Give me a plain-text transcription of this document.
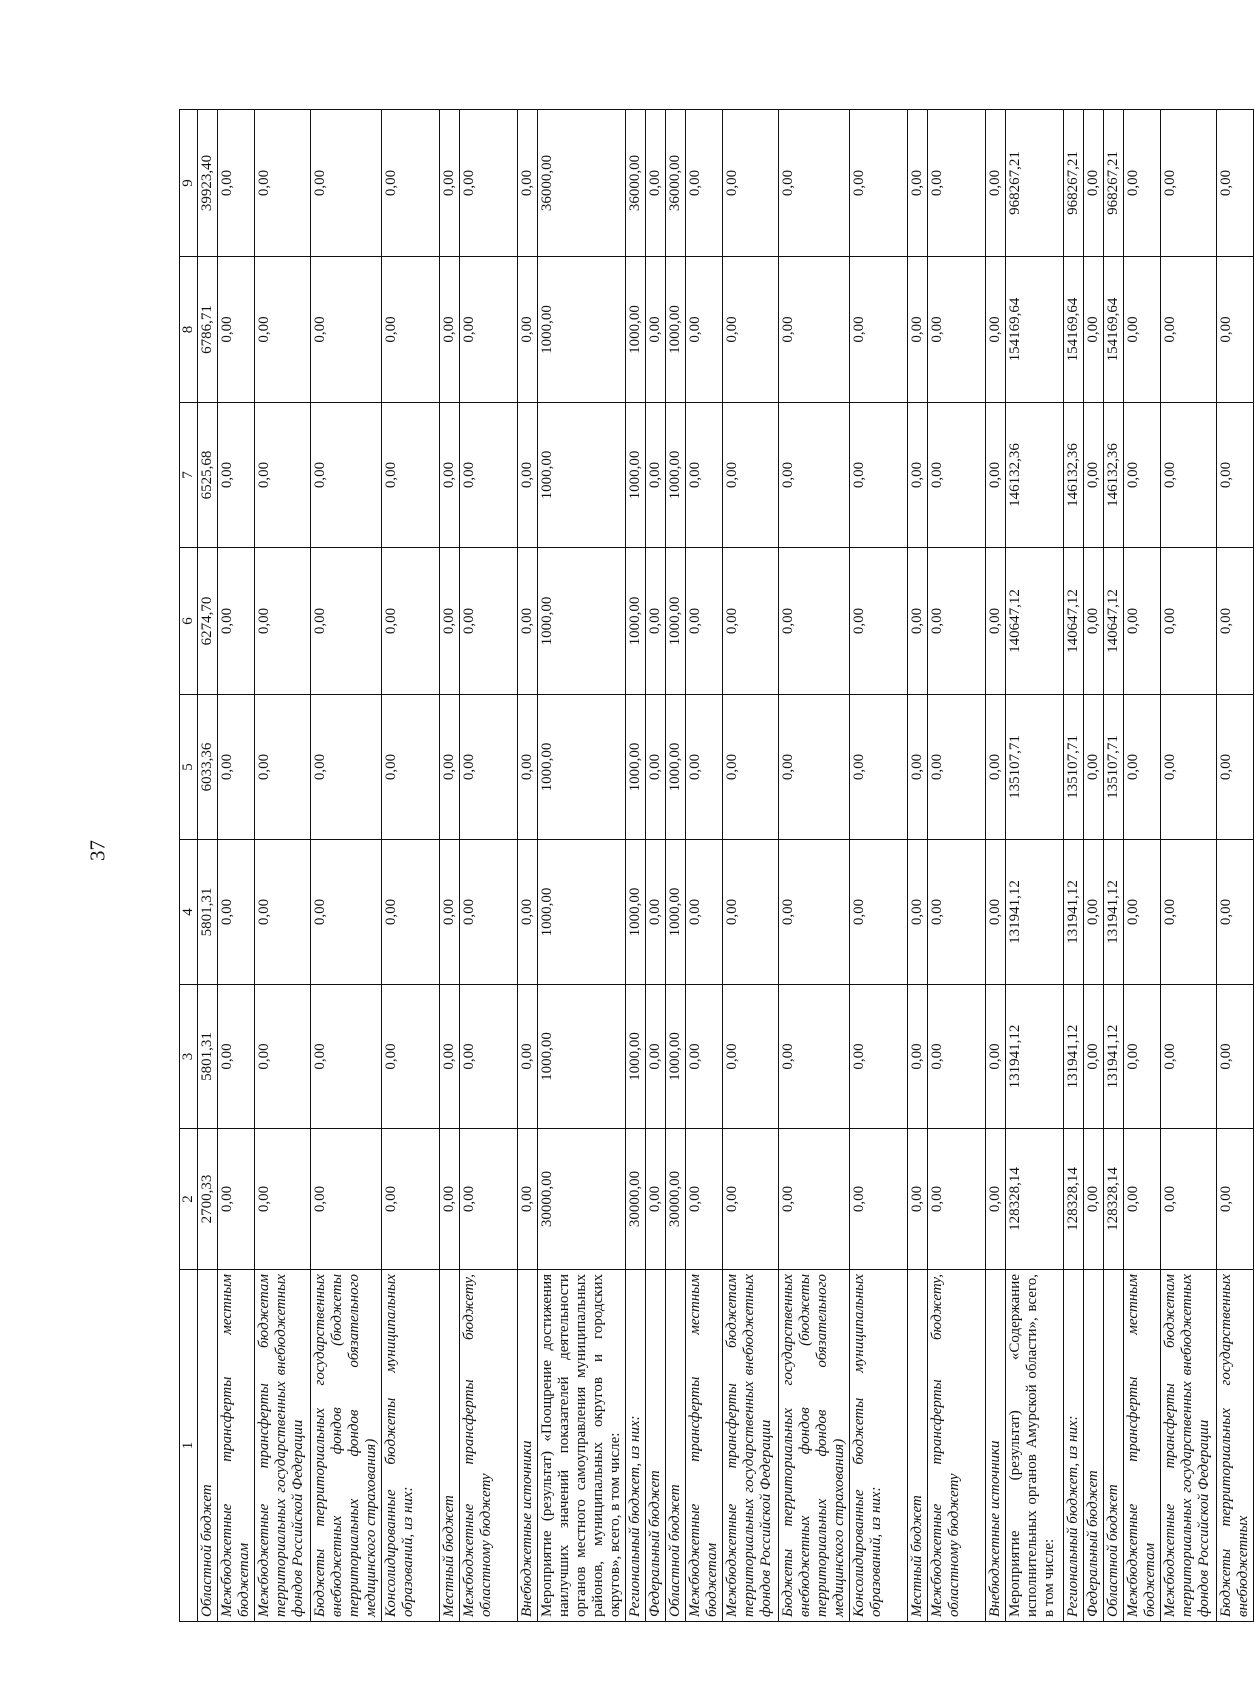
37
1	2	3	4	5	6	7	8	9
Областной бюджет	2700,33	5801,31	5801,31	6033,36	6274,70	6525,68	6786,71	39923,40
Межбюджетные трансферты местным бюджетам	0,00	0,00	0,00	0,00	0,00	0,00	0,00	0,00
Межбюджетные трансферты бюджетам территориальных государственных внебюджетных фондов Российской Федерации	0,00	0,00	0,00	0,00	0,00	0,00	0,00	0,00
Бюджеты территориальных государственных внебюджетных фондов (бюджеты территориальных фондов обязательного медицинского страхования)	0,00	0,00	0,00	0,00	0,00	0,00	0,00	0,00
Консолидированные бюджеты муниципальных образований, из них:	0,00	0,00	0,00	0,00	0,00	0,00	0,00	0,00
Местный бюджет	0,00	0,00	0,00	0,00	0,00	0,00	0,00	0,00
Межбюджетные трансферты бюджету, областному бюджету	0,00	0,00	0,00	0,00	0,00	0,00	0,00	0,00
Внебюджетные источники	0,00	0,00	0,00	0,00	0,00	0,00	0,00	0,00
Мероприятие (результат) «Поощрение достижения наилучших значений показателей деятельности органов местного самоуправления муниципальных районов, муниципальных округов и городских округов», всего, в том числе:	30000,00	1000,00	1000,00	1000,00	1000,00	1000,00	1000,00	36000,00
Региональный бюджет, из них:	30000,00	1000,00	1000,00	1000,00	1000,00	1000,00	1000,00	36000,00
Федеральный бюджет	0,00	0,00	0,00	0,00	0,00	0,00	0,00	0,00
Областной бюджет	30000,00	1000,00	1000,00	1000,00	1000,00	1000,00	1000,00	36000,00
Межбюджетные трансферты местным бюджетам	0,00	0,00	0,00	0,00	0,00	0,00	0,00	0,00
Межбюджетные трансферты бюджетам территориальных государственных внебюджетных фондов Российской Федерации	0,00	0,00	0,00	0,00	0,00	0,00	0,00	0,00
Бюджеты территориальных государственных внебюджетных фондов (бюджеты территориальных фондов обязательного медицинского страхования)	0,00	0,00	0,00	0,00	0,00	0,00	0,00	0,00
Консолидированные бюджеты муниципальных образований, из них:	0,00	0,00	0,00	0,00	0,00	0,00	0,00	0,00
Местный бюджет	0,00	0,00	0,00	0,00	0,00	0,00	0,00	0,00
Межбюджетные трансферты бюджету, областному бюджету	0,00	0,00	0,00	0,00	0,00	0,00	0,00	0,00
Внебюджетные источники	0,00	0,00	0,00	0,00	0,00	0,00	0,00	0,00
Мероприятие (результат) «Содержание исполнительных органов Амурской области», всего, в том числе:	128328,14	131941,12	131941,12	135107,71	140647,12	146132,36	154169,64	968267,21
Региональный бюджет, из них:	128328,14	131941,12	131941,12	135107,71	140647,12	146132,36	154169,64	968267,21
Федеральный бюджет	0,00	0,00	0,00	0,00	0,00	0,00	0,00	0,00
Областной бюджет	128328,14	131941,12	131941,12	135107,71	140647,12	146132,36	154169,64	968267,21
Межбюджетные трансферты местным бюджетам	0,00	0,00	0,00	0,00	0,00	0,00	0,00	0,00
Межбюджетные трансферты бюджетам территориальных государственных внебюджетных фондов Российской Федерации	0,00	0,00	0,00	0,00	0,00	0,00	0,00	0,00
Бюджеты территориальных государственных внебюджетных	0,00	0,00	0,00	0,00	0,00	0,00	0,00	0,00
